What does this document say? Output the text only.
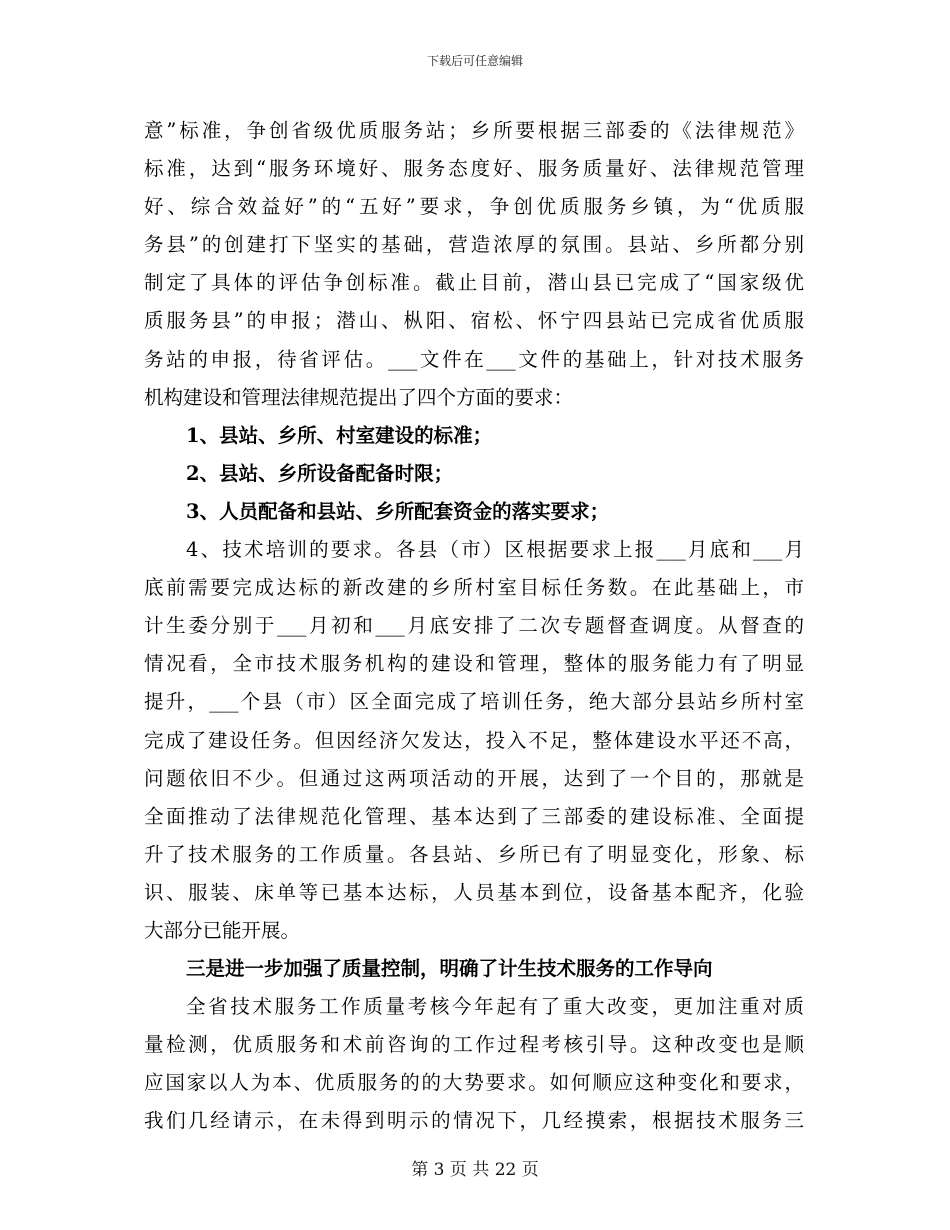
下载后可任意编辑
意”标准，争创省级优质服务站；乡所要根据三部委的《法律规范》
标准，达到“服务环境好、服务态度好、服务质量好、法律规范管理
好、综合效益好”的“五好”要求，争创优质服务乡镇，为“优质服
务县”的创建打下坚实的基础，营造浓厚的氛围。县站、乡所都分别
制定了具体的评估争创标准。截止目前，潜山县已完成了“国家级优
质服务县”的申报；潜山、枞阳、宿松、怀宁四县站已完成省优质服
务站的申报，待省评估。___文件在___文件的基础上，针对技术服务
机构建设和管理法律规范提出了四个方面的要求：
1、县站、乡所、村室建设的标准；
2、县站、乡所设备配备时限；
3、人员配备和县站、乡所配套资金的落实要求；
4、技术培训的要求。各县（市）区根据要求上报___月底和___月
底前需要完成达标的新改建的乡所村室目标任务数。在此基础上，市
计生委分别于___月初和___月底安排了二次专题督查调度。从督查的
情况看，全市技术服务机构的建设和管理，整体的服务能力有了明显
提升，___个县（市）区全面完成了培训任务，绝大部分县站乡所村室
完成了建设任务。但因经济欠发达，投入不足，整体建设水平还不高，
问题依旧不少。但通过这两项活动的开展，达到了一个目的，那就是
全面推动了法律规范化管理、基本达到了三部委的建设标准、全面提
升了技术服务的工作质量。各县站、乡所已有了明显变化，形象、标
识、服装、床单等已基本达标，人员基本到位，设备基本配齐，化验
大部分已能开展。
三是进一步加强了质量控制，明确了计生技术服务的工作导向
全省技术服务工作质量考核今年起有了重大改变，更加注重对质
量检测，优质服务和术前咨询的工作过程考核引导。这种改变也是顺
应国家以人为本、优质服务的的大势要求。如何顺应这种变化和要求，
我们几经请示，在未得到明示的情况下，几经摸索，根据技术服务三
第 3 页 共 22 页
